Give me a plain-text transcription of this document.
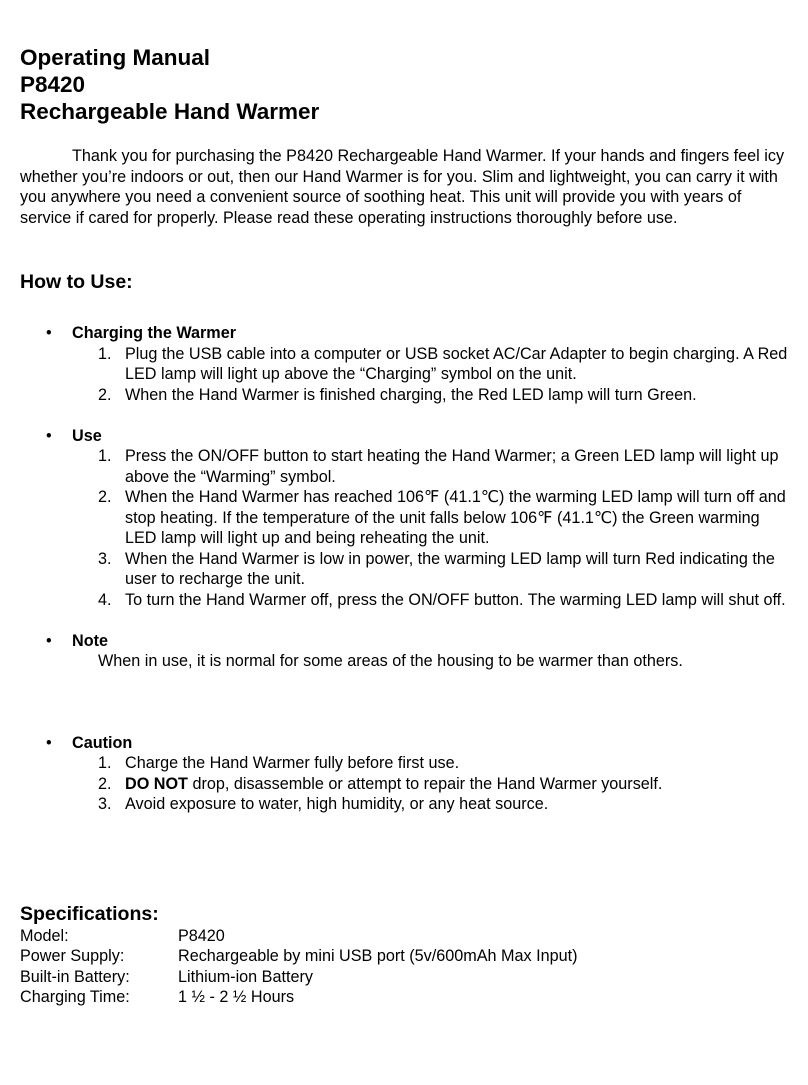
Operating Manual
P8420
Rechargeable Hand Warmer
Thank you for purchasing the P8420 Rechargeable Hand Warmer. If your hands and fingers feel icy whether you’re indoors or out, then our Hand Warmer is for you. Slim and lightweight, you can carry it with you anywhere you need a convenient source of soothing heat. This unit will provide you with years of service if cared for properly. Please read these operating instructions thoroughly before use.
How to Use:
• Charging the Warmer
1. Plug the USB cable into a computer or USB socket AC/Car Adapter to begin charging. A Red LED lamp will light up above the “Charging” symbol on the unit.
2. When the Hand Warmer is finished charging, the Red LED lamp will turn Green.
• Use
1. Press the ON/OFF button to start heating the Hand Warmer; a Green LED lamp will light up above the “Warming” symbol.
2. When the Hand Warmer has reached 106℉ (41.1℃) the warming LED lamp will turn off and stop heating. If the temperature of the unit falls below 106℉ (41.1℃) the Green warming LED lamp will light up and being reheating the unit.
3. When the Hand Warmer is low in power, the warming LED lamp will turn Red indicating the user to recharge the unit.
4. To turn the Hand Warmer off, press the ON/OFF button. The warming LED lamp will shut off.
• Note
When in use, it is normal for some areas of the housing to be warmer than others.
• Caution
1. Charge the Hand Warmer fully before first use.
2. DO NOT drop, disassemble or attempt to repair the Hand Warmer yourself.
3. Avoid exposure to water, high humidity, or any heat source.
Specifications:
Model:	P8420
Power Supply:	Rechargeable by mini USB port (5v/600mAh Max Input)
Built-in Battery:	Lithium-ion Battery
Charging Time:	1 ½ - 2 ½ Hours
